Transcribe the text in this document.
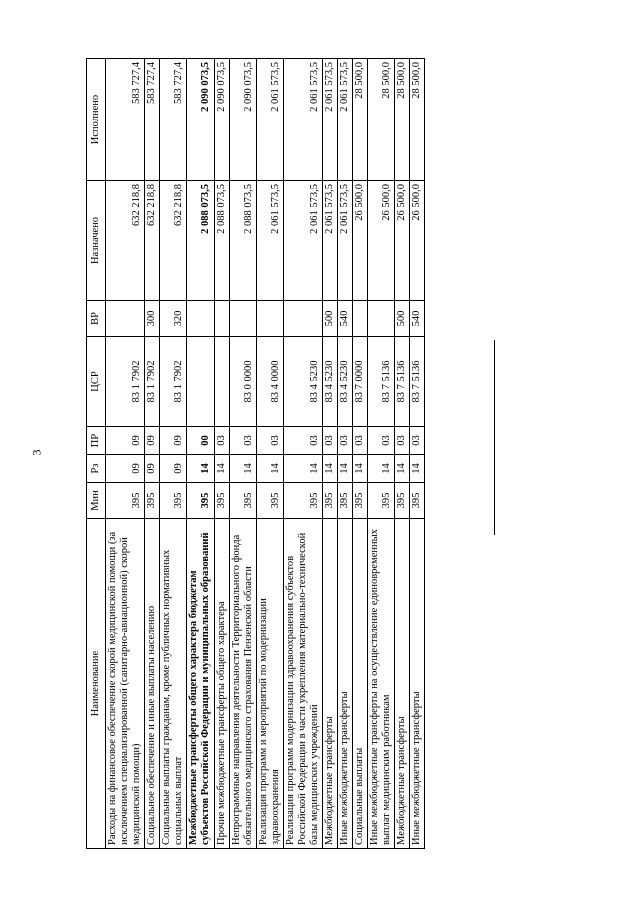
3
Наименование	Мин	Рз	ПР	ЦСР	ВР	Назначено	Исполнено
Расходы на финансовое обеспечение скорой медицинской помощи (за исключением специализированной (санитарно-авиационной) скорой медицинской помощи)	395	09	09	83 1 7902		632 218,8	583 727,4
Социальное обеспечение и иные выплаты населению	395	09	09	83 1 7902	300	632 218,8	583 727,4
Социальные выплаты гражданам, кроме публичных нормативных социальных выплат	395	09	09	83 1 7902	320	632 218,8	583 727,4
Межбюджетные трансферты общего характера бюджетам субъектов Российской Федерации и муниципальных образований	395	14	00			2 088 073,5	2 090 073,5
Прочие межбюджетные трансферты общего характера	395	14	03			2 088 073,5	2 090 073,5
Непрограммные направления деятельности Территориального фонда обязательного медицинского страхования Пензенской области	395	14	03	83 0 0000		2 088 073,5	2 090 073,5
Реализация программ и мероприятий по модернизации здравоохранения	395	14	03	83 4 0000		2 061 573,5	2 061 573,5
Реализация программ модернизации здравоохранения субъектов Российской Федерации в части укрепления материально-технической базы медицинских учреждений	395	14	03	83 4 5230		2 061 573,5	2 061 573,5
Межбюджетные трансферты	395	14	03	83 4 5230	500	2 061 573,5	2 061 573,5
Иные межбюджетные трансферты	395	14	03	83 4 5230	540	2 061 573,5	2 061 573,5
Социальные выплаты	395	14	03	83 7 0000		26 500,0	28 500,0
Иные межбюджетные трансферты на осуществление единовременных выплат медицинским работникам	395	14	03	83 7 5136		26 500,0	28 500,0
Межбюджетные трансферты	395	14	03	83 7 5136	500	26 500,0	28 500,0
Иные межбюджетные трансферты	395	14	03	83 7 5136	540	26 500,0	28 500,0
